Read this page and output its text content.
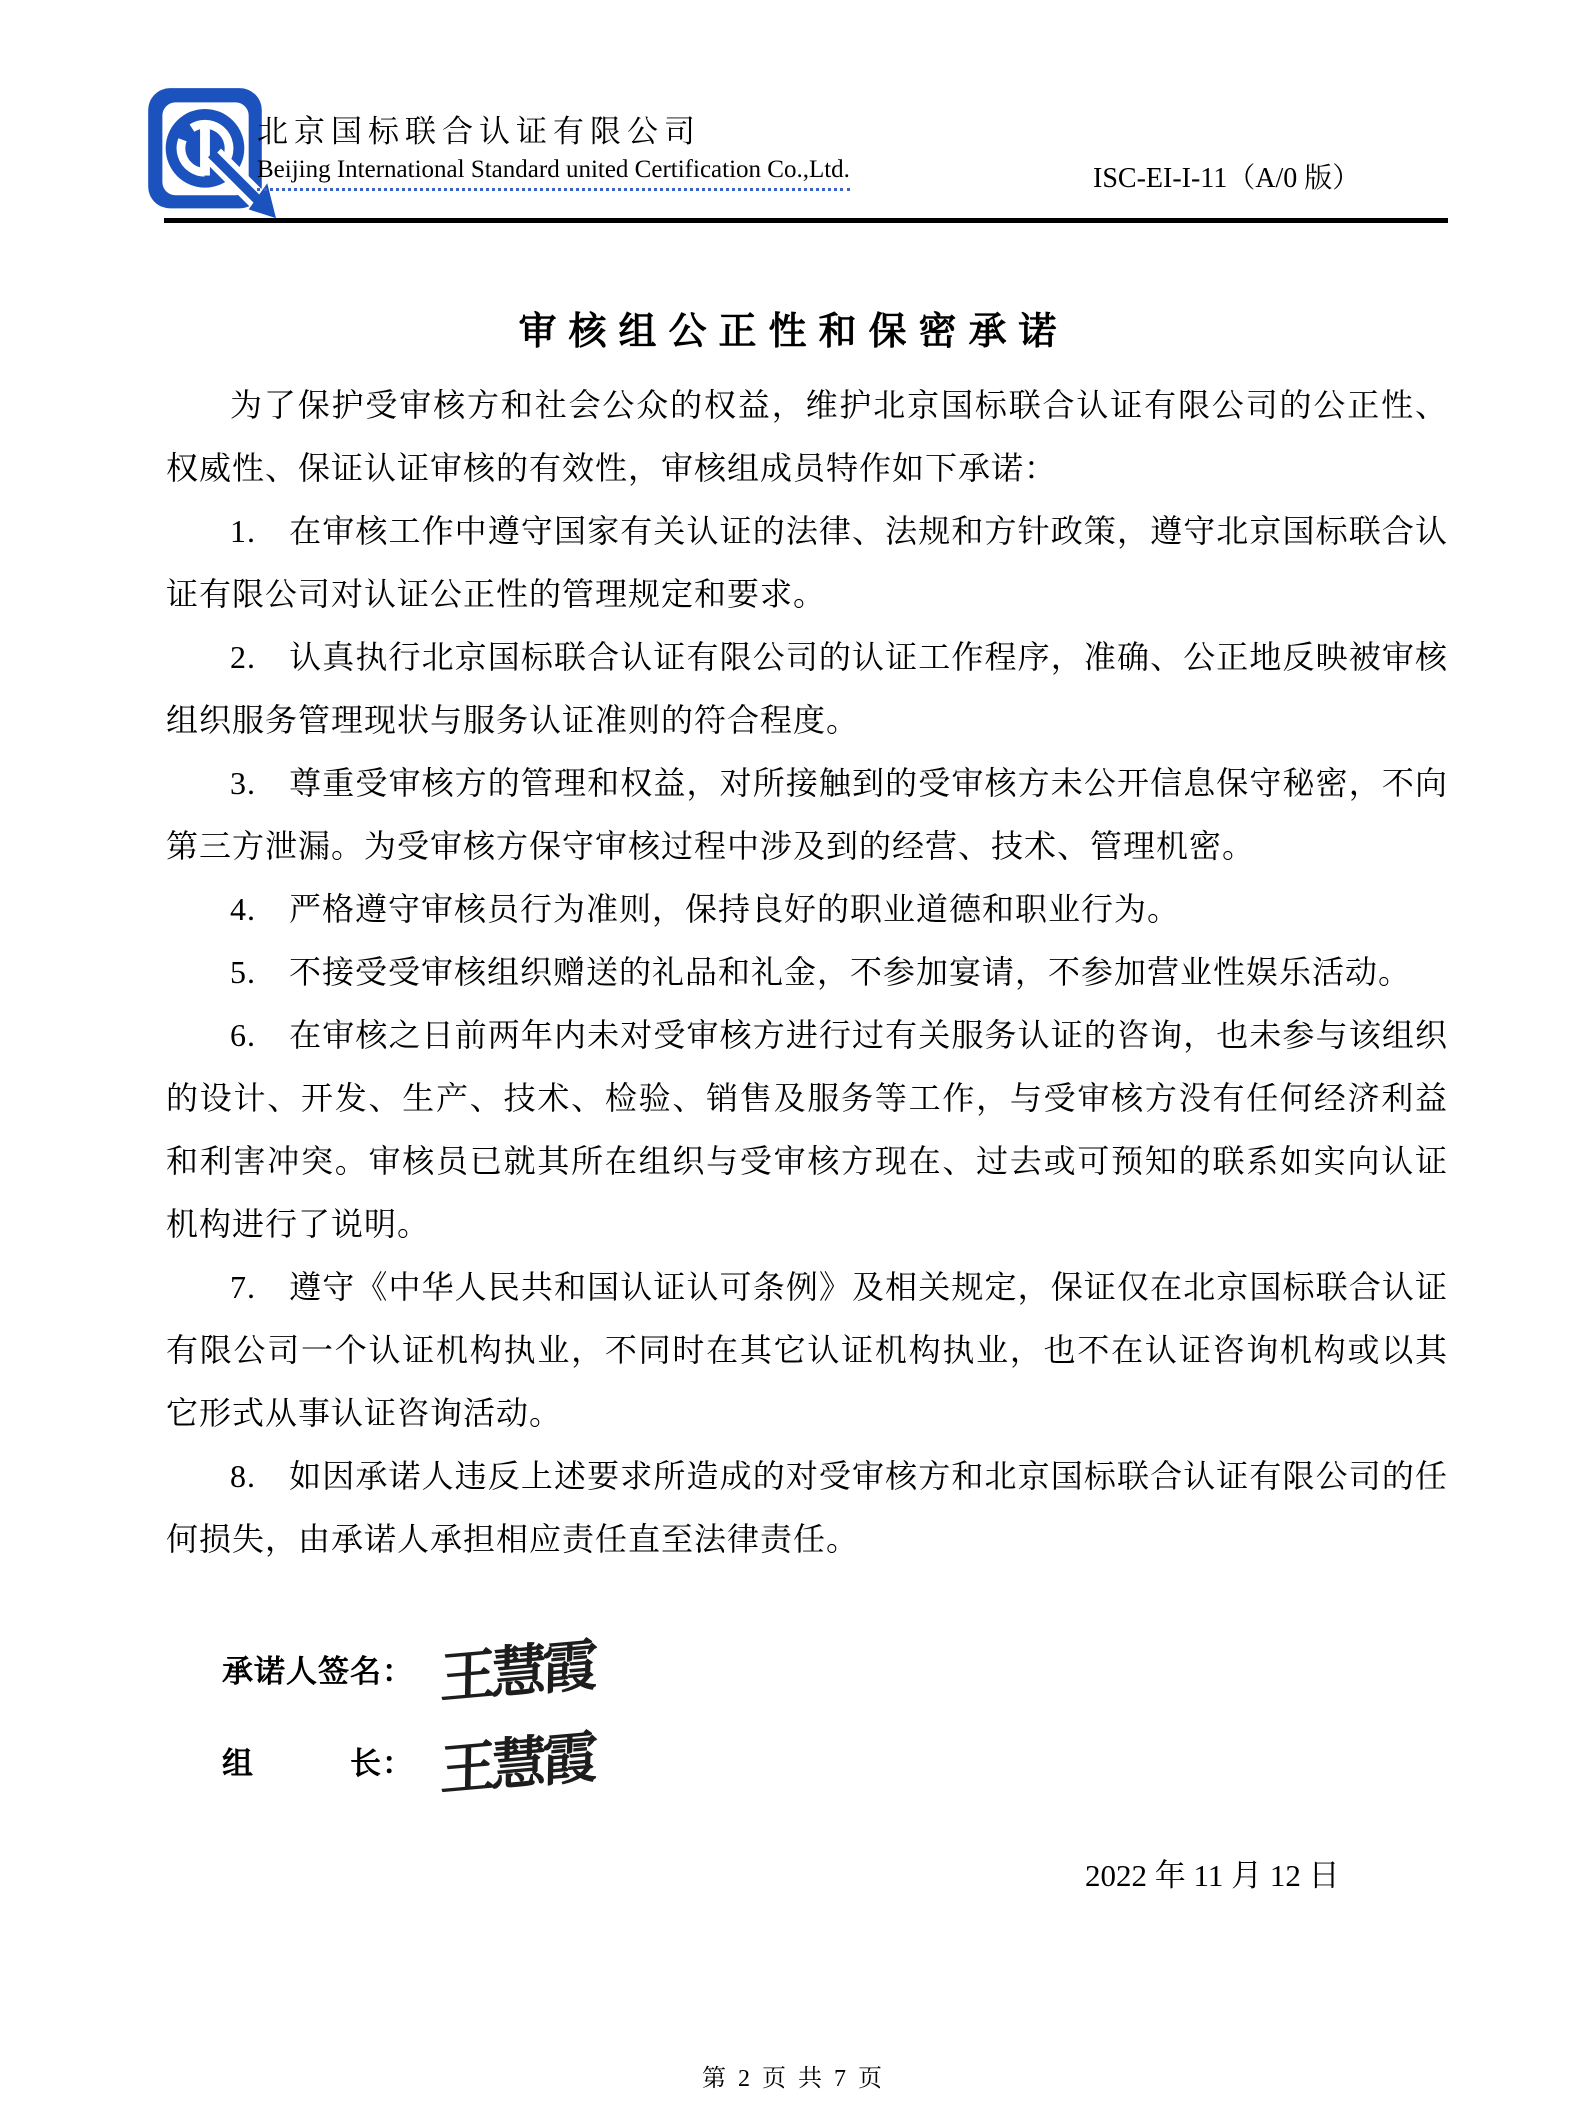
北京国标联合认证有限公司
Beijing International Standard united Certification Co.,Ltd.	ISC-EI-I-11（A/0 版）
审核组公正性和保密承诺

为了保护受审核方和社会公众的权益，维护北京国标联合认证有限公司的公正性、权威性、保证认证审核的有效性，审核组成员特作如下承诺：

1. 在审核工作中遵守国家有关认证的法律、法规和方针政策，遵守北京国标联合认证有限公司对认证公正性的管理规定和要求。

2. 认真执行北京国标联合认证有限公司的认证工作程序，准确、公正地反映被审核组织服务管理现状与服务认证准则的符合程度。

3. 尊重受审核方的管理和权益，对所接触到的受审核方未公开信息保守秘密，不向第三方泄漏。为受审核方保守审核过程中涉及到的经营、技术、管理机密。

4. 严格遵守审核员行为准则，保持良好的职业道德和职业行为。

5. 不接受受审核组织赠送的礼品和礼金，不参加宴请，不参加营业性娱乐活动。

6. 在审核之日前两年内未对受审核方进行过有关服务认证的咨询，也未参与该组织的设计、开发、生产、技术、检验、销售及服务等工作，与受审核方没有任何经济利益和利害冲突。审核员已就其所在组织与受审核方现在、过去或可预知的联系如实向认证机构进行了说明。

7. 遵守《中华人民共和国认证认可条例》及相关规定，保证仅在北京国标联合认证有限公司一个认证机构执业，不同时在其它认证机构执业，也不在认证咨询机构或以其它形式从事认证咨询活动。

8. 如因承诺人违反上述要求所造成的对受审核方和北京国标联合认证有限公司的任何损失，由承诺人承担相应责任直至法律责任。

承诺人签名： 王慧霞
组　　　长： 王慧霞
2022 年 11 月 12 日
第 2 页 共 7 页
